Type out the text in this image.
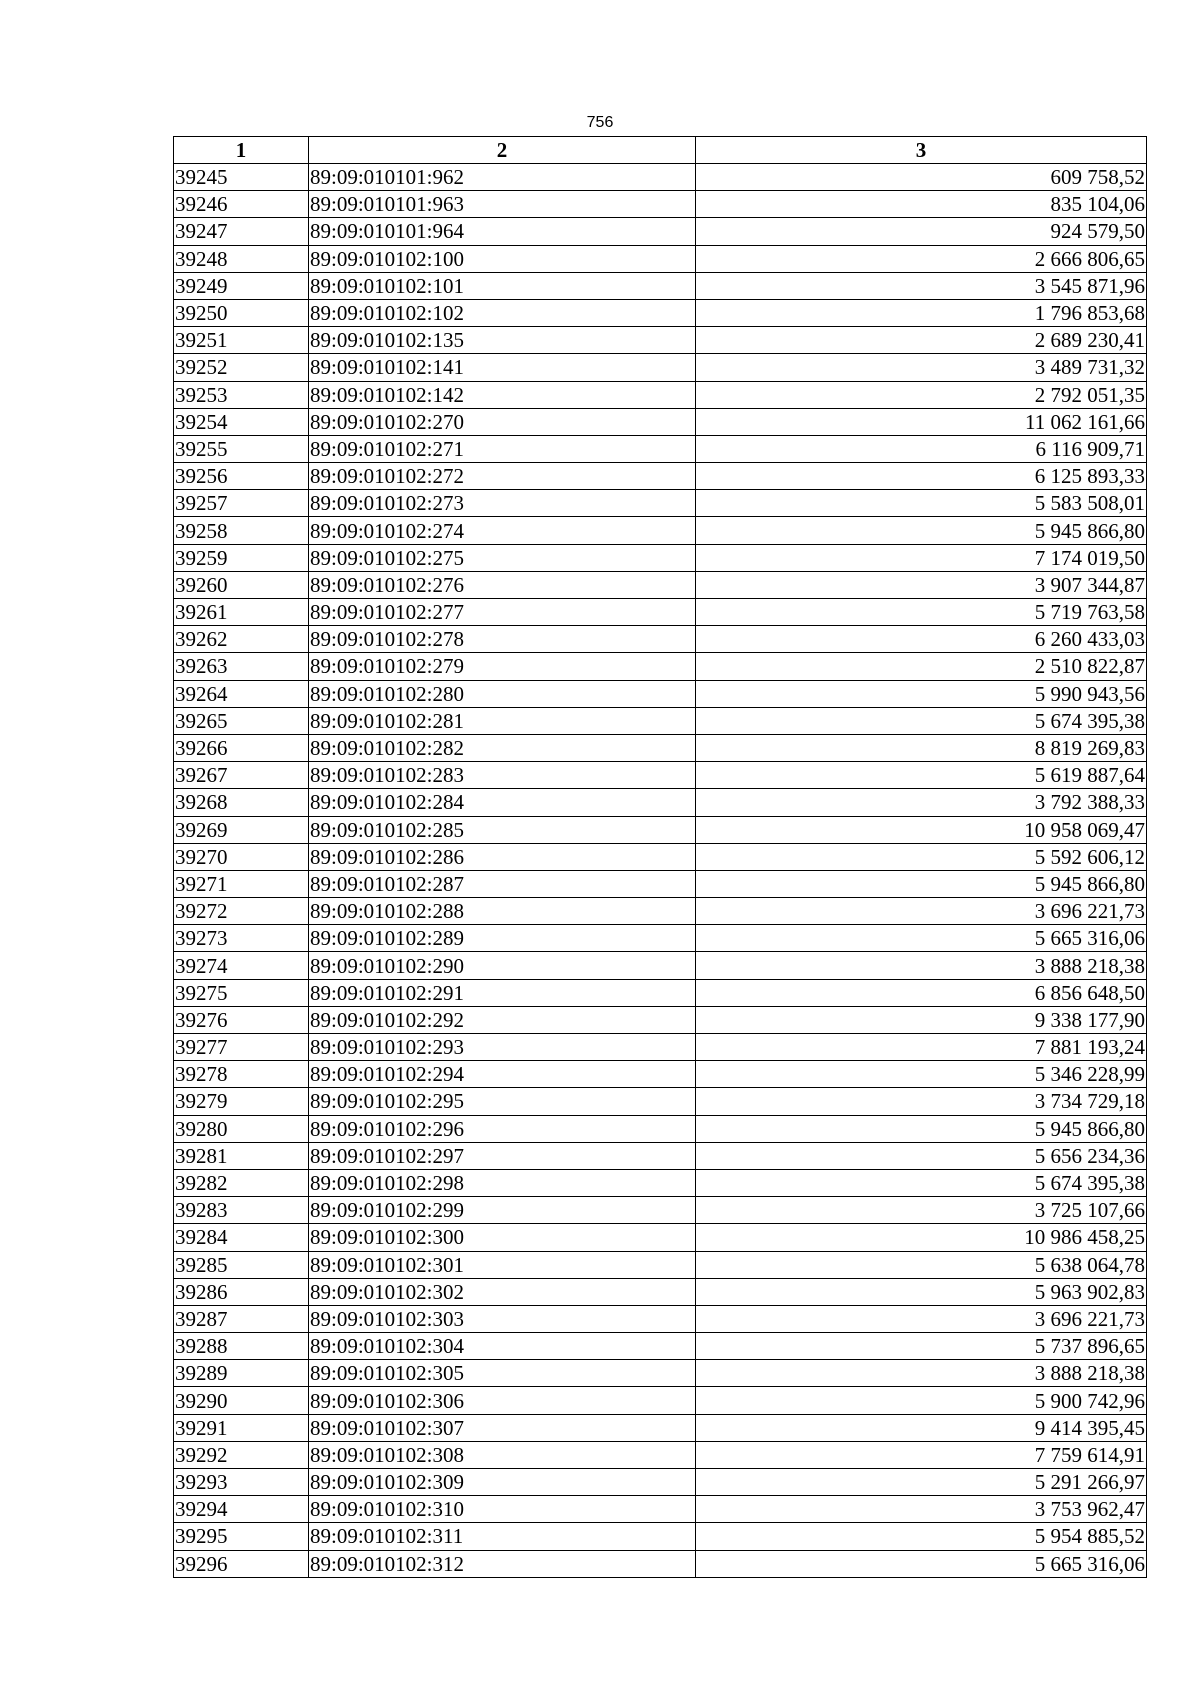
756
1	2	3
39245	89:09:010101:962	609 758,52
39246	89:09:010101:963	835 104,06
39247	89:09:010101:964	924 579,50
39248	89:09:010102:100	2 666 806,65
39249	89:09:010102:101	3 545 871,96
39250	89:09:010102:102	1 796 853,68
39251	89:09:010102:135	2 689 230,41
39252	89:09:010102:141	3 489 731,32
39253	89:09:010102:142	2 792 051,35
39254	89:09:010102:270	11 062 161,66
39255	89:09:010102:271	6 116 909,71
39256	89:09:010102:272	6 125 893,33
39257	89:09:010102:273	5 583 508,01
39258	89:09:010102:274	5 945 866,80
39259	89:09:010102:275	7 174 019,50
39260	89:09:010102:276	3 907 344,87
39261	89:09:010102:277	5 719 763,58
39262	89:09:010102:278	6 260 433,03
39263	89:09:010102:279	2 510 822,87
39264	89:09:010102:280	5 990 943,56
39265	89:09:010102:281	5 674 395,38
39266	89:09:010102:282	8 819 269,83
39267	89:09:010102:283	5 619 887,64
39268	89:09:010102:284	3 792 388,33
39269	89:09:010102:285	10 958 069,47
39270	89:09:010102:286	5 592 606,12
39271	89:09:010102:287	5 945 866,80
39272	89:09:010102:288	3 696 221,73
39273	89:09:010102:289	5 665 316,06
39274	89:09:010102:290	3 888 218,38
39275	89:09:010102:291	6 856 648,50
39276	89:09:010102:292	9 338 177,90
39277	89:09:010102:293	7 881 193,24
39278	89:09:010102:294	5 346 228,99
39279	89:09:010102:295	3 734 729,18
39280	89:09:010102:296	5 945 866,80
39281	89:09:010102:297	5 656 234,36
39282	89:09:010102:298	5 674 395,38
39283	89:09:010102:299	3 725 107,66
39284	89:09:010102:300	10 986 458,25
39285	89:09:010102:301	5 638 064,78
39286	89:09:010102:302	5 963 902,83
39287	89:09:010102:303	3 696 221,73
39288	89:09:010102:304	5 737 896,65
39289	89:09:010102:305	3 888 218,38
39290	89:09:010102:306	5 900 742,96
39291	89:09:010102:307	9 414 395,45
39292	89:09:010102:308	7 759 614,91
39293	89:09:010102:309	5 291 266,97
39294	89:09:010102:310	3 753 962,47
39295	89:09:010102:311	5 954 885,52
39296	89:09:010102:312	5 665 316,06
